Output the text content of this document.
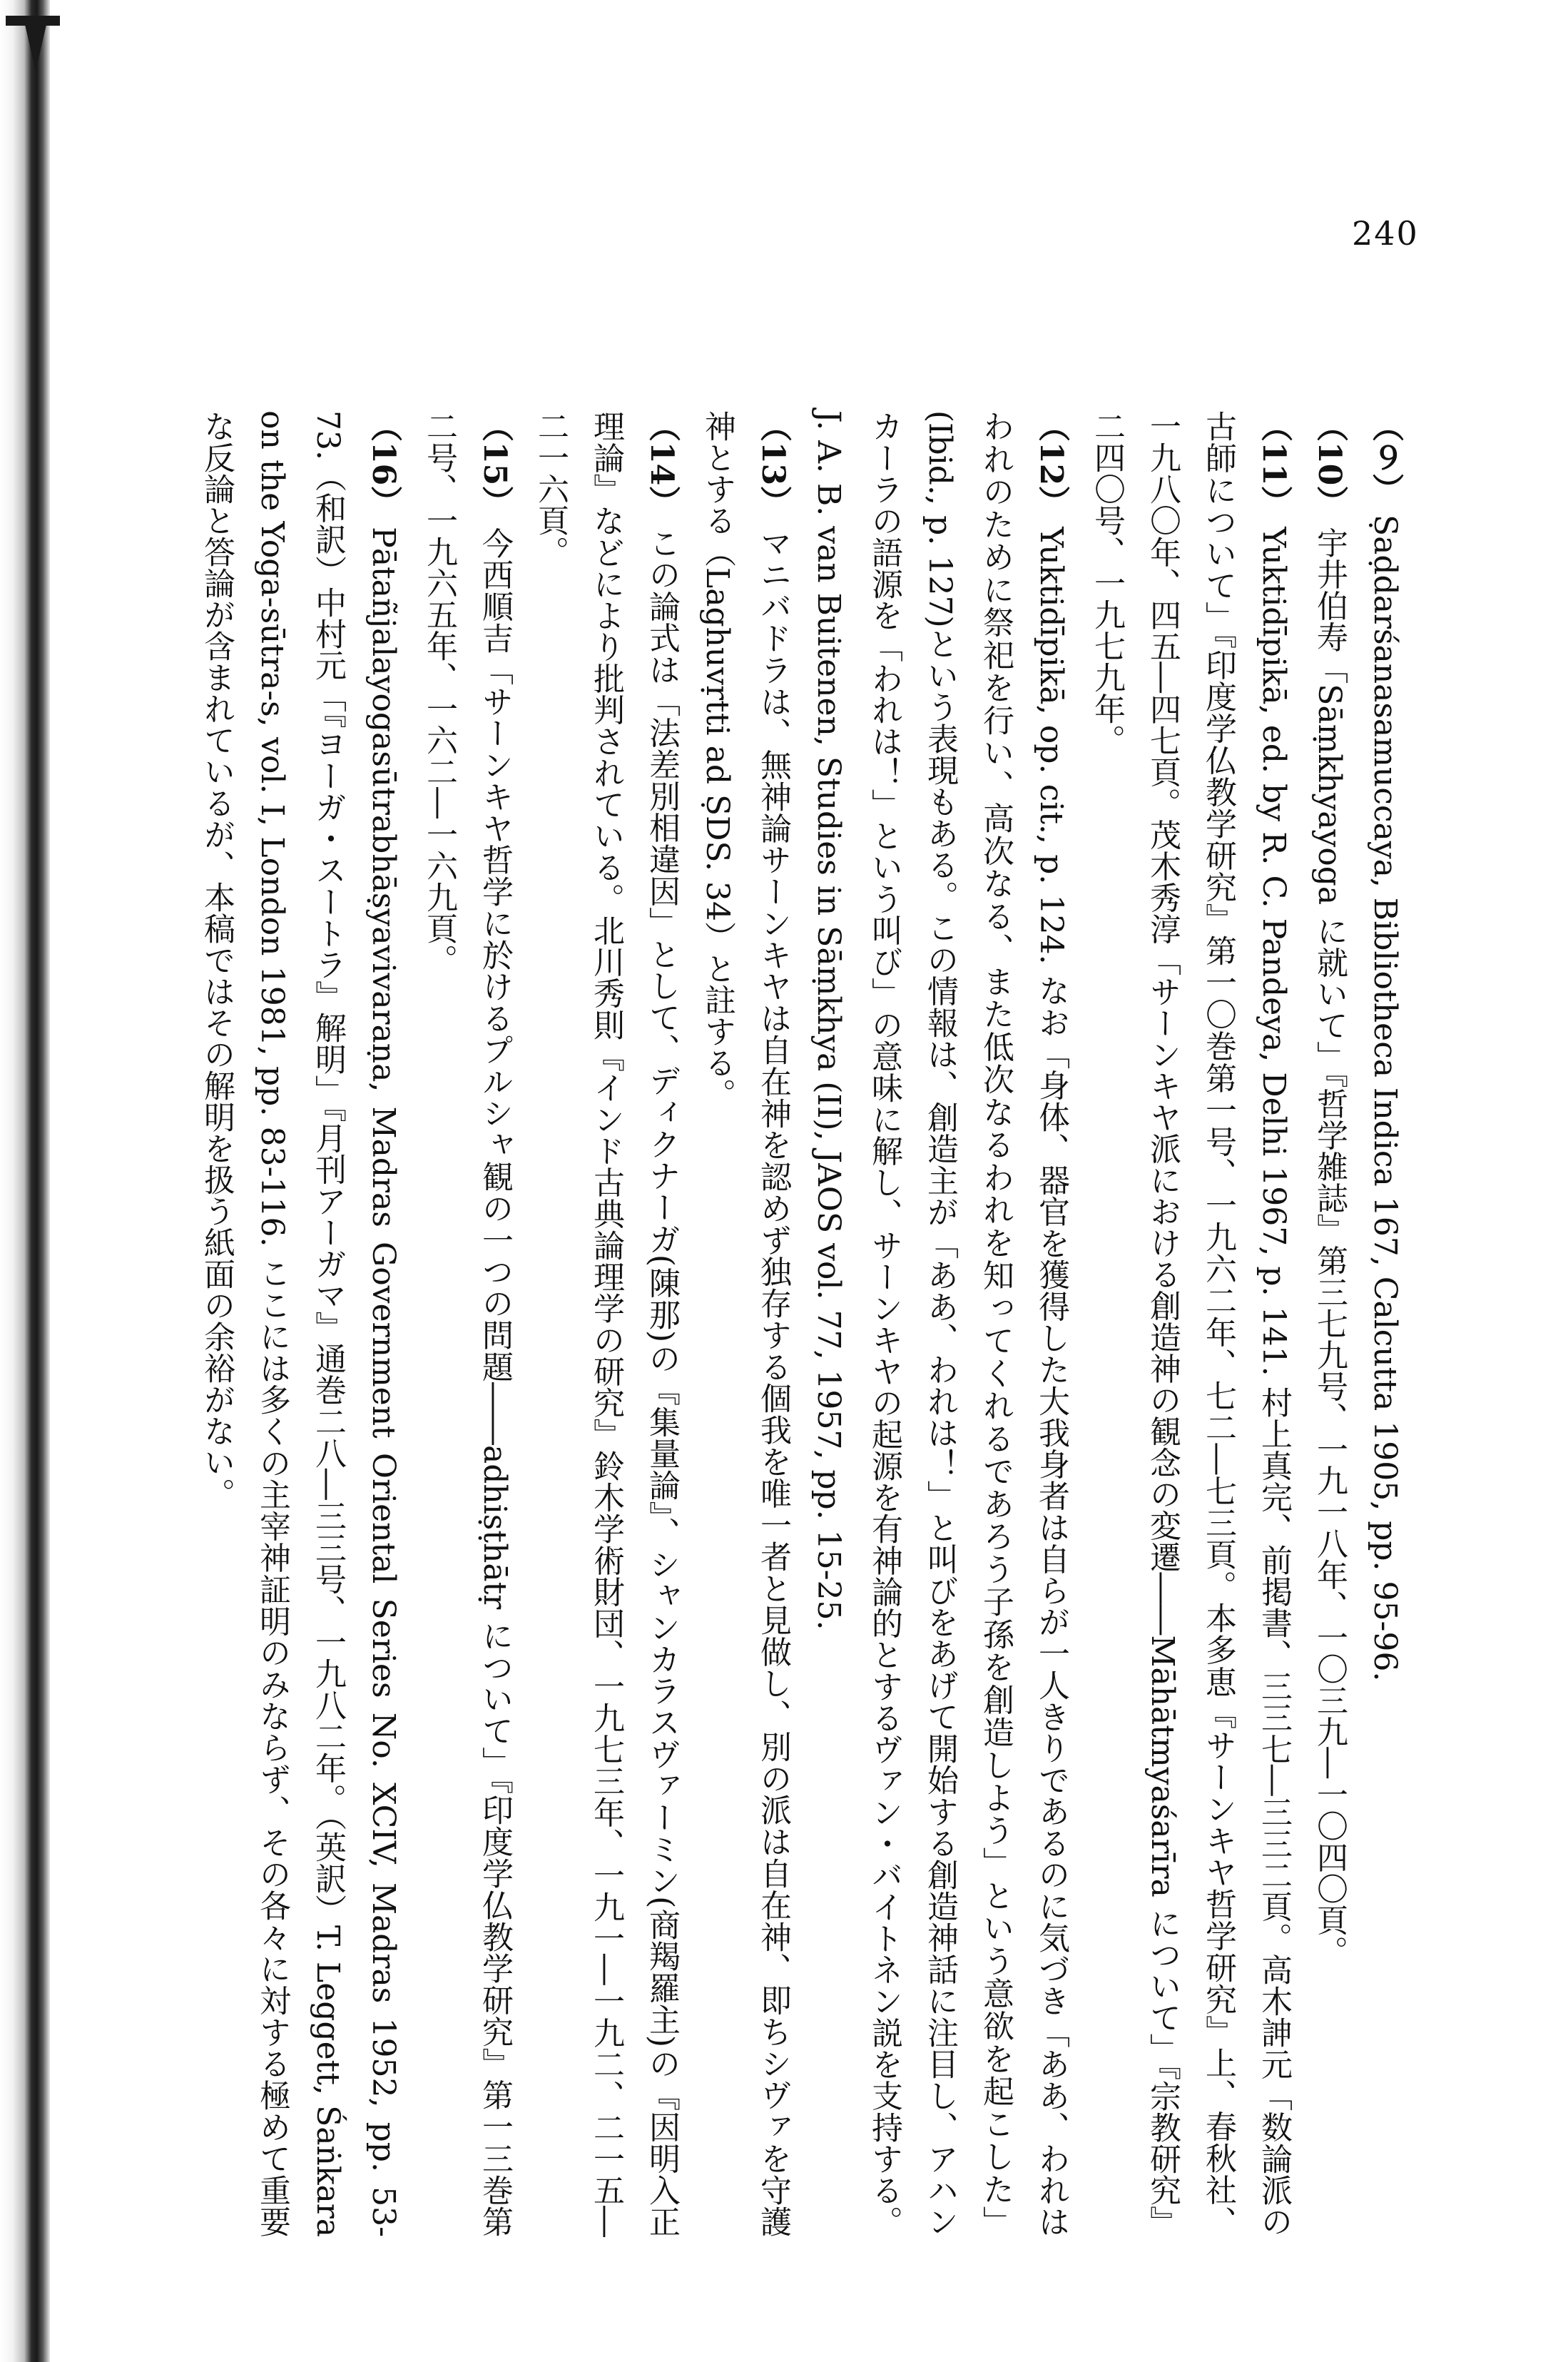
240

（９）Ṣaḍdarśanasamuccaya, Bibliotheca Indica 167, Calcutta 1905, pp. 95-96.

（10）宇井伯寿「Sāṃkhyayoga に就いて」『哲学雑誌』第三七九号、一九一八年、一〇三九―一〇四〇頁。

（11）Yuktidīpikā, ed. by R. C. Pandeya, Delhi 1967, p. 141. 村上真完、前掲書、三三七―三三二頁。高木訷元「数論派の古師について」『印度学仏教学研究』第一〇巻第一号、一九六二年、七二―七三頁。本多恵『サーンキヤ哲学研究』上、春秋社、一九八〇年、四五―四七頁。茂木秀淳「サーンキヤ派における創造神の観念の変遷――Māhātmyaśarīra について」『宗教研究』二四〇号、一九七九年。

（12）Yuktidīpikā, op. cit., p. 124. なお「身体、器官を獲得した大我身者は自らが一人きりであるのに気づき「ああ、われはわれのために祭祀を行い、高次なる、また低次なるわれを知ってくれるであろう子孫を創造しよう」という意欲を起こした」(Ibid., p. 127)という表現もある。この情報は、創造主が「ああ、われは！」と叫びをあげて開始する創造神話に注目し、アハンカーラの語源を「われは！」という叫び」の意味に解し、サーンキヤの起源を有神論的とするヴァン・バイトネン説を支持する。J. A. B. van Buitenen, Studies in Sāṃkhya (II), JAOS vol. 77, 1957, pp. 15-25.

（13）マニバドラは、無神論サーンキヤは自在神を認めず独存する個我を唯一者と見做し、別の派は自在神、即ちシヴァを守護神とする（Laghuvṛtti ad ṢDS. 34）と註する。

（14）この論式は「法差別相違因」として、ディクナーガ(陳那)の『集量論』、シャンカラスヴァーミン(商羯羅主)の『因明入正理論』などにより批判されている。北川秀則『インド古典論理学の研究』鈴木学術財団、一九七三年、一九一―一九二、二一五―二一六頁。

（15）今西順吉「サーンキヤ哲学に於けるプルシャ観の一つの問題――adhiṣṭhātṛ について」『印度学仏教学研究』第一三巻第二号、一九六五年、一六二―一六九頁。

（16）Pātañjalayogasūtrabhāṣyavivaraṇa, Madras Government Oriental Series No. XCIV, Madras 1952, pp. 53-73.（和訳）中村元「『ヨーガ・スートラ』解明」『月刊アーガマ』通巻二八―三三号、一九八二年。（英訳）T. Leggett, Śaṅkara on the Yoga-sūtra-s, vol. I, London 1981, pp. 83-116. ここには多くの主宰神証明のみならず、その各々に対する極めて重要な反論と答論が含まれているが、本稿ではその解明を扱う紙面の余裕がない。
